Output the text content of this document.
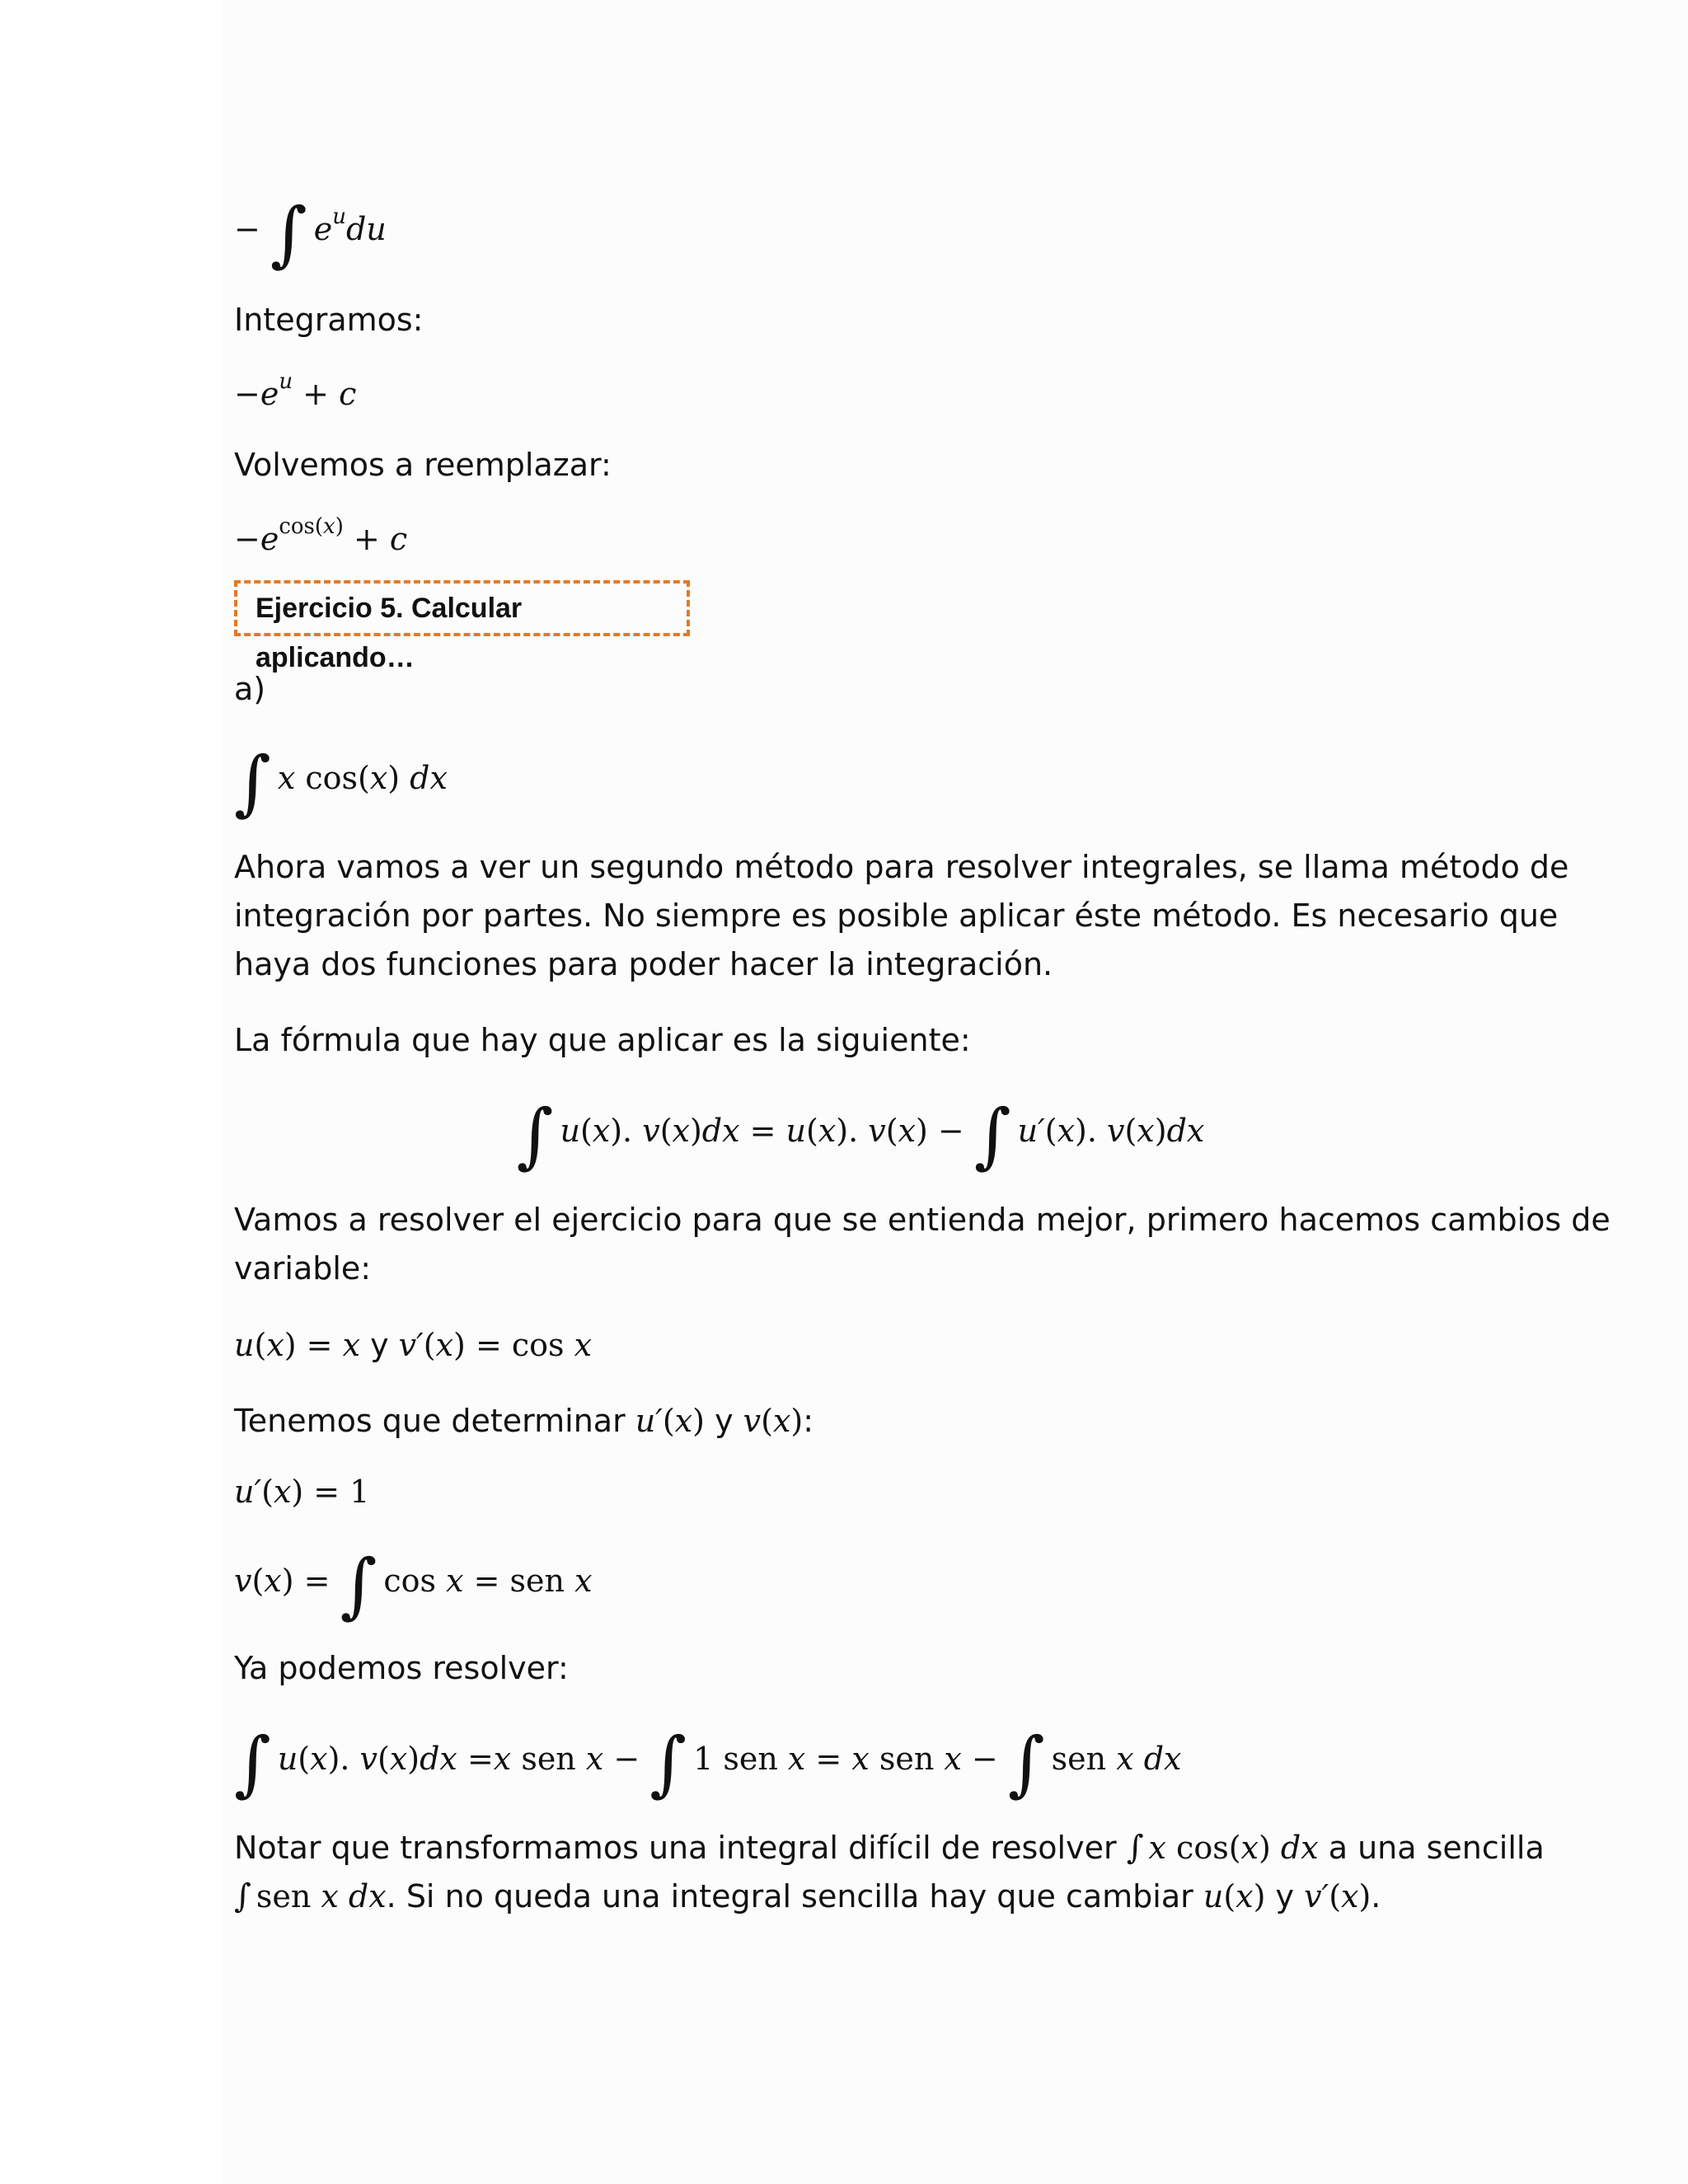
− ∫ $e^udu$
Integramos:
$-e^u + c$
Volvemos a reemplazar:
$-e^{cos(x)} + c$
Ejercicio 5. Calcular aplicando…
a)
∫ x cos(x) dx
Ahora vamos a ver un segundo método para resolver integrales, se llama método de
integración por partes. No siempre es posible aplicar éste método. Es necesario que
haya dos funciones para poder hacer la integración.
La fórmula que hay que aplicar es la siguiente:
∫ u(x). v(x)dx = u(x). v(x) − ∫ u′(x). v(x)dx
Vamos a resolver el ejercicio para que se entienda mejor, primero hacemos cambios de
variable:
u(x) = x y v′(x) = cos x
Tenemos que determinar u′(x) y v(x):
u′(x) = 1
v(x) = ∫ cos x = sen x
Ya podemos resolver:
∫ u(x). v(x)dx =x sen x − ∫ 1 sen x = x sen x − ∫ sen x dx
Notar que transformamos una integral difícil de resolver ∫ x cos(x) dx a una sencilla
∫ sen x dx. Si no queda una integral sencilla hay que cambiar u(x) y v′(x).
